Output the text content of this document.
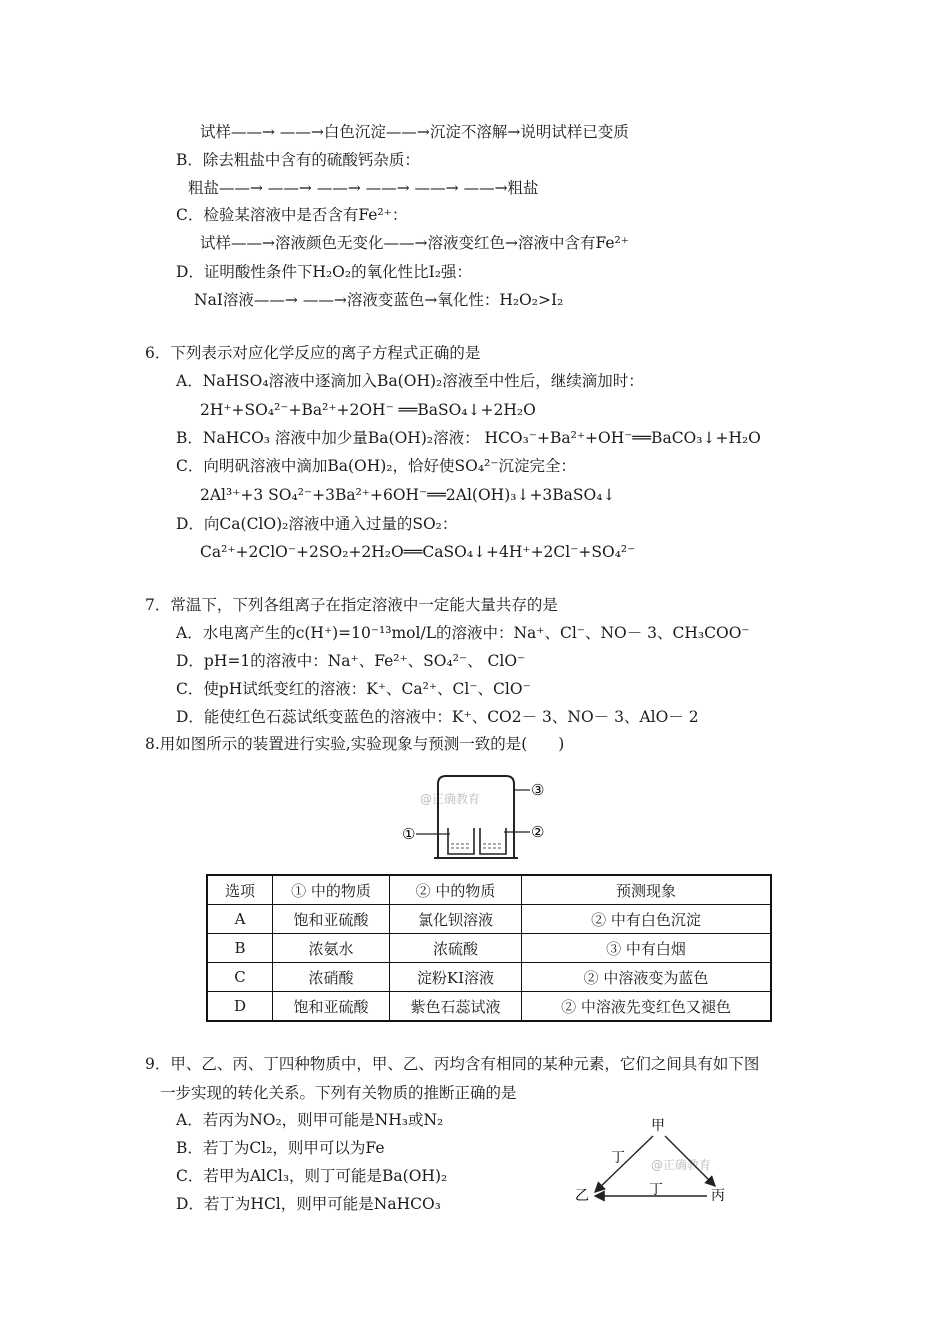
试样——→ ——→白色沉淀——→沉淀不溶解→说明试样已变质
B．除去粗盐中含有的硫酸钙杂质：
粗盐——→ ——→ ——→ ——→ ——→ ——→粗盐
C．检验某溶液中是否含有Fe²⁺：
试样——→溶液颜色无变化——→溶液变红色→溶液中含有Fe²⁺
D．证明酸性条件下H₂O₂的氧化性比I₂强：
NaI溶液——→ ——→溶液变蓝色→氧化性：H₂O₂>I₂
6．下列表示对应化学反应的离子方程式正确的是
A．NaHSO₄溶液中逐滴加入Ba(OH)₂溶液至中性后，继续滴加时：
2H⁺+SO₄²⁻+Ba²⁺+2OH⁻ ══BaSO₄↓+2H₂O
B．NaHCO₃ 溶液中加少量Ba(OH)₂溶液： HCO₃⁻+Ba²⁺+OH⁻══BaCO₃↓+H₂O
C．向明矾溶液中滴加Ba(OH)₂，恰好使SO₄²⁻沉淀完全：
2Al³⁺+3 SO₄²⁻+3Ba²⁺+6OH⁻══2Al(OH)₃↓+3BaSO₄↓
D．向Ca(ClO)₂溶液中通入过量的SO₂：
Ca²⁺+2ClO⁻+2SO₂+2H₂O══CaSO₄↓+4H⁺+2Cl⁻+SO₄²⁻
7．常温下，下列各组离子在指定溶液中一定能大量共存的是
A．水电离产生的c(H⁺)=10⁻¹³mol/L的溶液中：Na⁺、Cl⁻、NO－ 3、CH₃COO⁻
D．pH=1的溶液中：Na⁺、Fe²⁺、SO₄²⁻、 ClO⁻
C．使pH试纸变红的溶液：K⁺、Ca²⁺、Cl⁻、ClO⁻
D．能使红色石蕊试纸变蓝色的溶液中：K⁺、CO2－ 3、NO－ 3、AlO－ 2
8.用如图所示的装置进行实验,实验现象与预测一致的是(　　)
@正确教育
①	②
③
选项	① 中的物质	② 中的物质	预测现象
A	饱和亚硫酸	氯化钡溶液	② 中有白色沉淀
B	浓氨水	浓硫酸	③ 中有白烟
C	浓硝酸	淀粉KI溶液	② 中溶液变为蓝色
D	饱和亚硫酸	紫色石蕊试液	② 中溶液先变红色又褪色
9．甲、乙、丙、丁四种物质中，甲、乙、丙均含有相同的某种元素，它们之间具有如下图
一步实现的转化关系。下列有关物质的推断正确的是
A．若丙为NO₂，则甲可能是NH₃或N₂
B．若丁为Cl₂，则甲可以为Fe
C．若甲为AlCl₃，则丁可能是Ba(OH)₂
D．若丁为HCl，则甲可能是NaHCO₃
@正确教育
甲
乙	丙
丁
丁
